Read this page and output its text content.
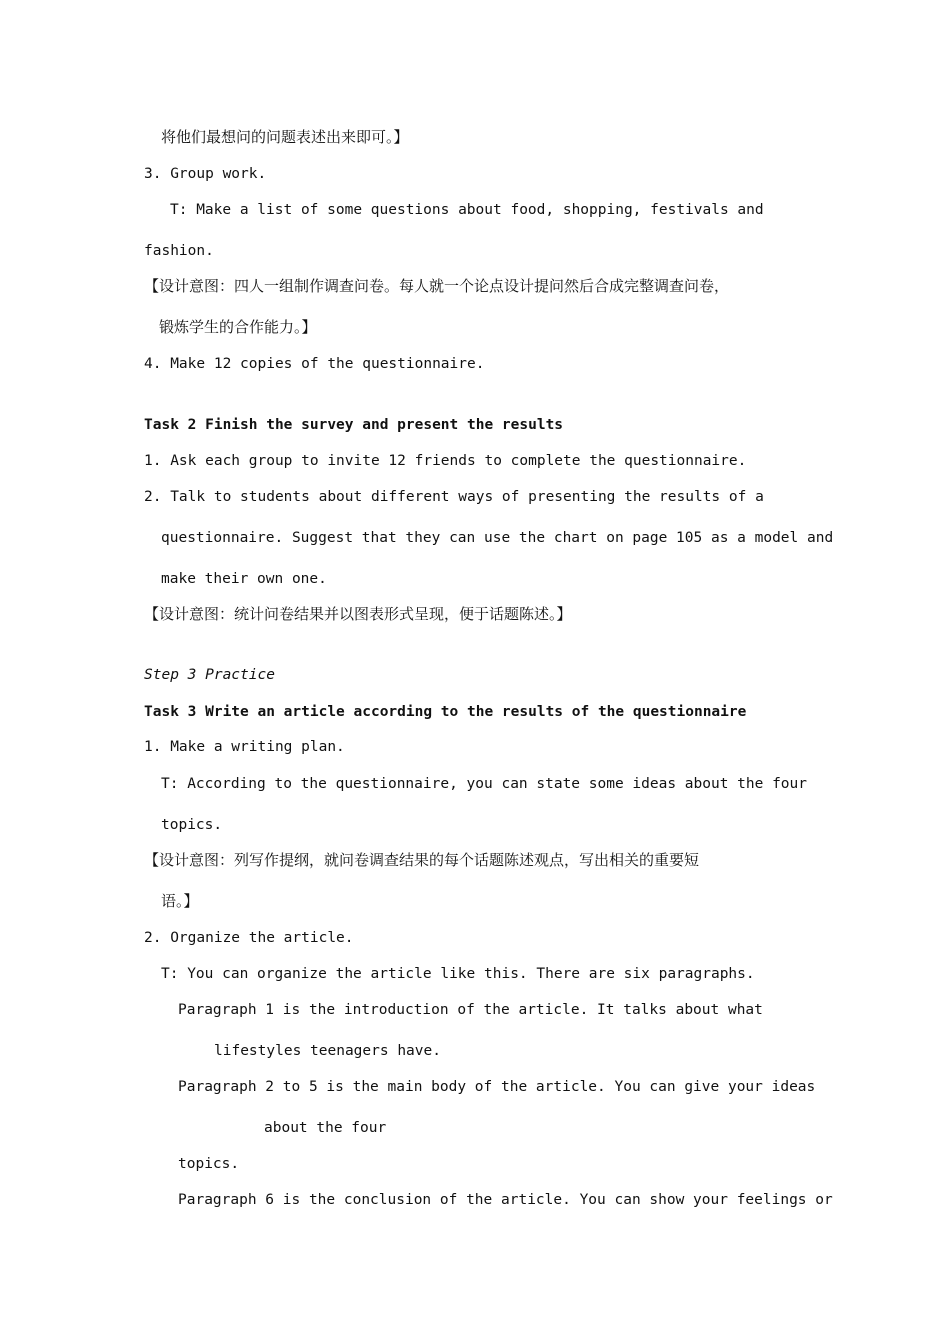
将他们最想问的问题表述出来即可。】
3. Group work.
T: Make a list of some questions about food, shopping, festivals and
fashion.
【设计意图：四人一组制作调查问卷。每人就一个论点设计提问然后合成完整调查问卷，
锻炼学生的合作能力。】
4. Make 12 copies of the questionnaire.
Task 2 Finish the survey and present the results
1. Ask each group to invite 12 friends to complete the questionnaire.
2. Talk to students about different ways of presenting the results of a
questionnaire. Suggest that they can use the chart on page 105 as a model and
make their own one.
【设计意图：统计问卷结果并以图表形式呈现，便于话题陈述。】
Step 3 Practice
Task 3 Write an article according to the results of the questionnaire
1. Make a writing plan.
T: According to the questionnaire, you can state some ideas about the four
topics.
【设计意图：列写作提纲，就问卷调查结果的每个话题陈述观点，写出相关的重要短
语。】
2. Organize the article.
T: You can organize the article like this. There are six paragraphs.
Paragraph 1 is the introduction of the article. It talks about what
lifestyles teenagers have.
Paragraph 2 to 5 is the main body of the article. You can give your ideas
about the four
topics.
Paragraph 6 is the conclusion of the article. You can show your feelings or
